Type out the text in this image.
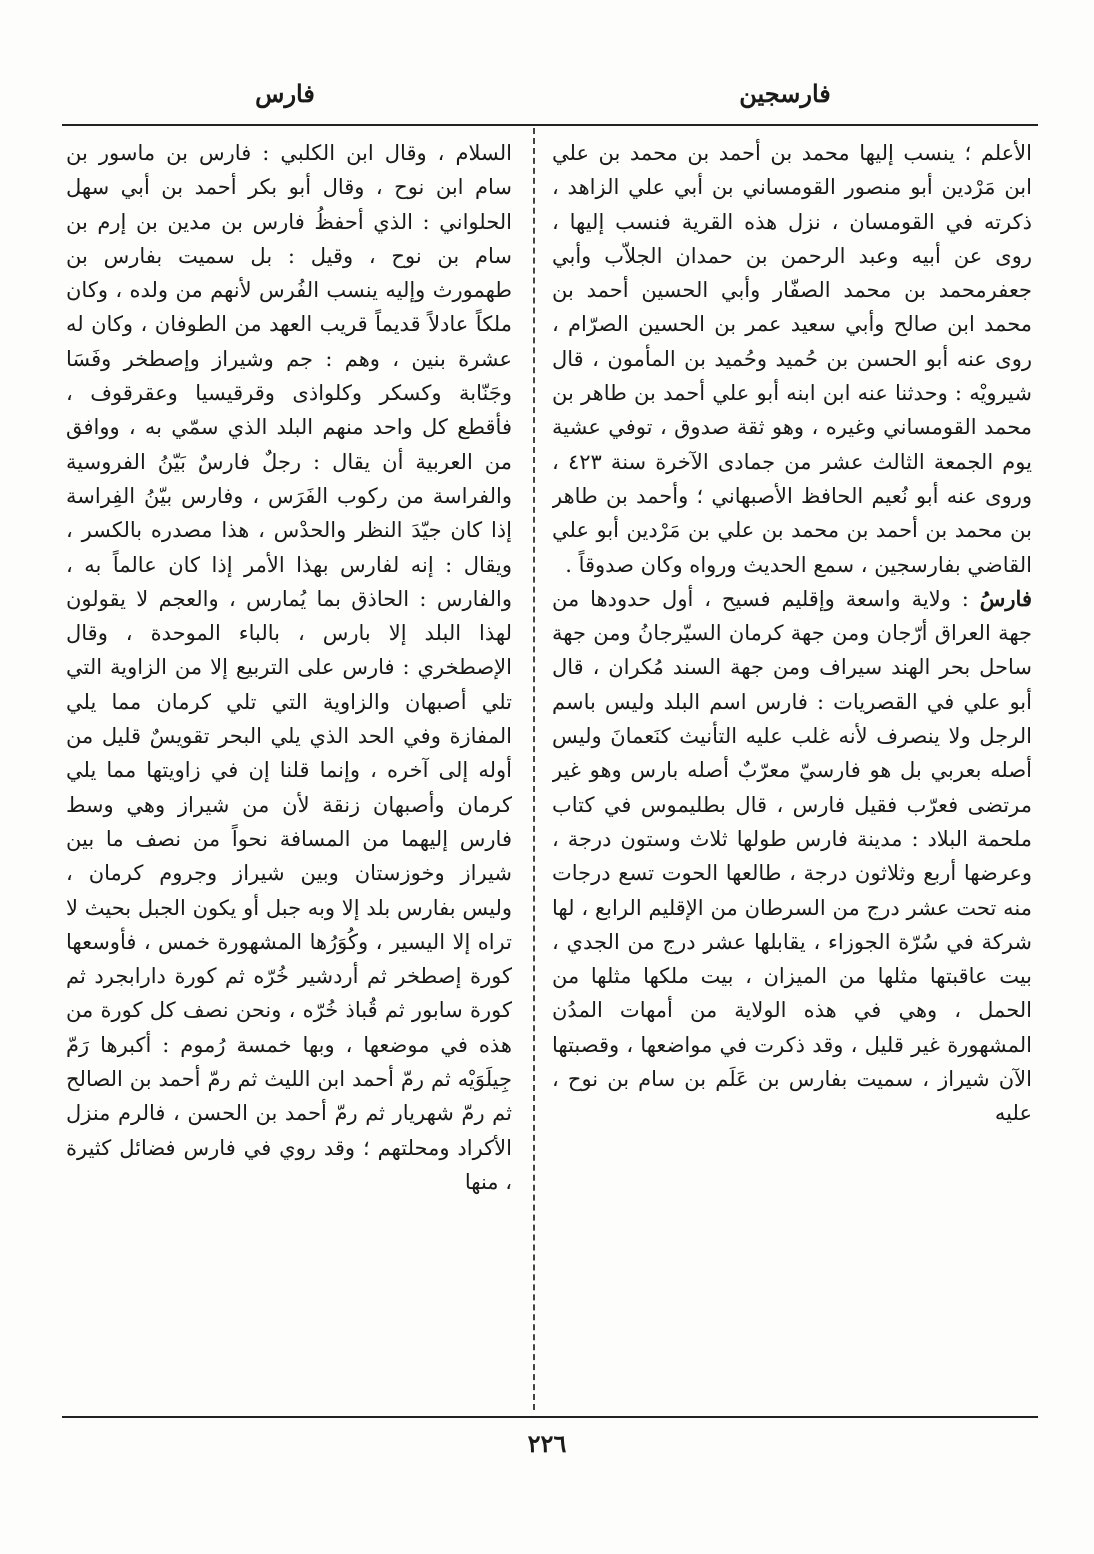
فارسجين
فارس

الأعلم ؛ ينسب إليها محمد بن أحمد بن محمد بن علي ابن مَرْدين أبو منصور القومساني بن أبي علي الزاهد ، ذكرته في القومسان ، نزل هذه القرية فنسب إليها ، روى عن أبيه وعبد الرحمن بن حمدان الجلاّب وأبي جعفرمحمد بن محمد الصفّار وأبي الحسين أحمد بن محمد ابن صالح وأبي سعيد عمر بن الحسين الصرّام ، روى عنه أبو الحسن بن حُميد وحُميد بن المأمون ، قال شيرويْه : وحدثنا عنه ابن ابنه أبو علي أحمد بن طاهر بن محمد القومساني وغيره ، وهو ثقة صدوق ، توفي عشية يوم الجمعة الثالث عشر من جمادى الآخرة سنة ٤٢٣ ، وروى عنه أبو نُعيم الحافظ الأصبهاني ؛ وأحمد بن طاهر بن محمد بن أحمد بن محمد بن علي بن مَرْدين أبو علي القاضي بفارسجين ، سمع الحديث ورواه وكان صدوقاً .

فارسُ : ولاية واسعة وإقليم فسيح ، أول حدودها من جهة العراق أرّجان ومن جهة كرمان السيّرجانُ ومن جهة ساحل بحر الهند سيراف ومن جهة السند مُكران ، قال أبو علي في القصريات : فارس اسم البلد وليس باسم الرجل ولا ينصرف لأنه غلب عليه التأنيث كنَعمانَ وليس أصله بعربي بل هو فارسيّ معرّبٌ أصله بارس وهو غير مرتضى فعرّب فقيل فارس ، قال بطليموس في كتاب ملحمة البلاد : مدينة فارس طولها ثلاث وستون درجة ، وعرضها أربع وثلاثون درجة ، طالعها الحوت تسع درجات منه تحت عشر درج من السرطان من الإقليم الرابع ، لها شركة في سُرّة الجوزاء ، يقابلها عشر درج من الجدي ، بيت عاقبتها مثلها من الميزان ، بيت ملكها مثلها من الحمل ، وهي في هذه الولاية من أمهات المدُن المشهورة غير قليل ، وقد ذكرت في مواضعها ، وقصبتها الآن شيراز ، سميت بفارس بن عَلَم بن سام بن نوح ، عليه

السلام ، وقال ابن الكلبي : فارس بن ماسور بن سام ابن نوح ، وقال أبو بكر أحمد بن أبي سهل الحلواني : الذي أحفظُ فارس بن مدين بن إرم بن سام بن نوح ، وقيل : بل سميت بفارس بن طهمورث وإليه ينسب الفُرس لأنهم من ولده ، وكان ملكاً عادلاً قديماً قريب العهد من الطوفان ، وكان له عشرة بنين ، وهم : جم وشيراز وإصطخر وفَسَا وجَنّابة وكسكر وكلواذى وقرقيسيا وعقرقوف ، فأقطع كل واحد منهم البلد الذي سمّي به ، ووافق من العربية أن يقال : رجلٌ فارسٌ بَيّنُ الفروسية والفراسة من ركوب الفَرَس ، وفارس بيّنُ الفِراسة إذا كان جيّدَ النظر والحدْس ، هذا مصدره بالكسر ، ويقال : إنه لفارس بهذا الأمر إذا كان عالماً به ، والفارس : الحاذق بما يُمارس ، والعجم لا يقولون لهذا البلد إلا بارس ، بالباء الموحدة ، وقال الإصطخري : فارس على التربيع إلا من الزاوية التي تلي أصبهان والزاوية التي تلي كرمان مما يلي المفازة وفي الحد الذي يلي البحر تقويسٌ قليل من أوله إلى آخره ، وإنما قلنا إن في زاويتها مما يلي كرمان وأصبهان زنقة لأن من شيراز وهي وسط فارس إليهما من المسافة نحواً من نصف ما بين شيراز وخوزستان وبين شيراز وجروم كرمان ، وليس بفارس بلد إلا وبه جبل أو يكون الجبل بحيث لا تراه إلا اليسير ، وكُوَرُها المشهورة خمس ، فأوسعها كورة إصطخر ثم أردشير خُرّه ثم كورة دارابجرد ثم كورة سابور ثم قُباذ خُرّه ، ونحن نصف كل كورة من هذه في موضعها ، وبها خمسة رُموم : أكبرها رَمّ جِيلَوَيْه ثم رمّ أحمد ابن الليث ثم رمّ أحمد بن الصالح ثم رمّ شهريار ثم رمّ أحمد بن الحسن ، فالرم منزل الأكراد ومحلتهم ؛ وقد روي في فارس فضائل كثيرة ، منها

٢٢٦
